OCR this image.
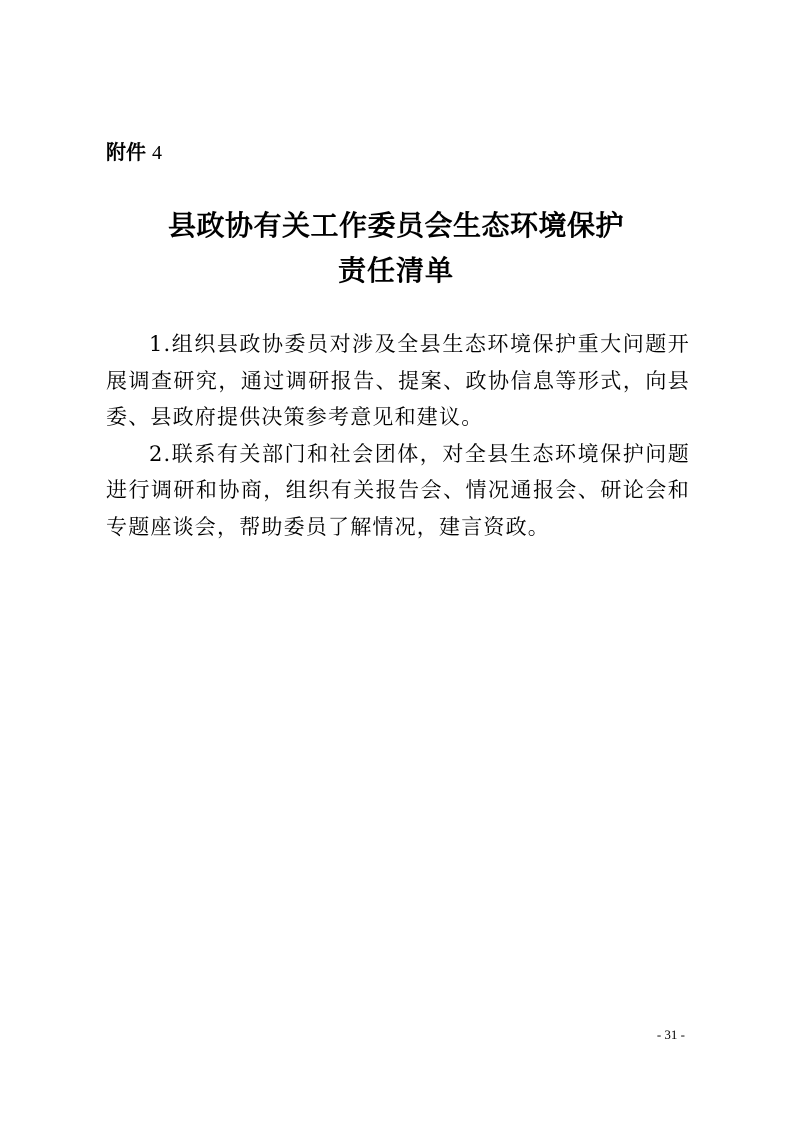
附件 4
县政协有关工作委员会生态环境保护
责任清单

1.组织县政协委员对涉及全县生态环境保护重大问题开展调查研究，通过调研报告、提案、政协信息等形式，向县委、县政府提供决策参考意见和建议。

2.联系有关部门和社会团体，对全县生态环境保护问题进行调研和协商，组织有关报告会、情况通报会、研论会和专题座谈会，帮助委员了解情况，建言资政。

- 31 -
